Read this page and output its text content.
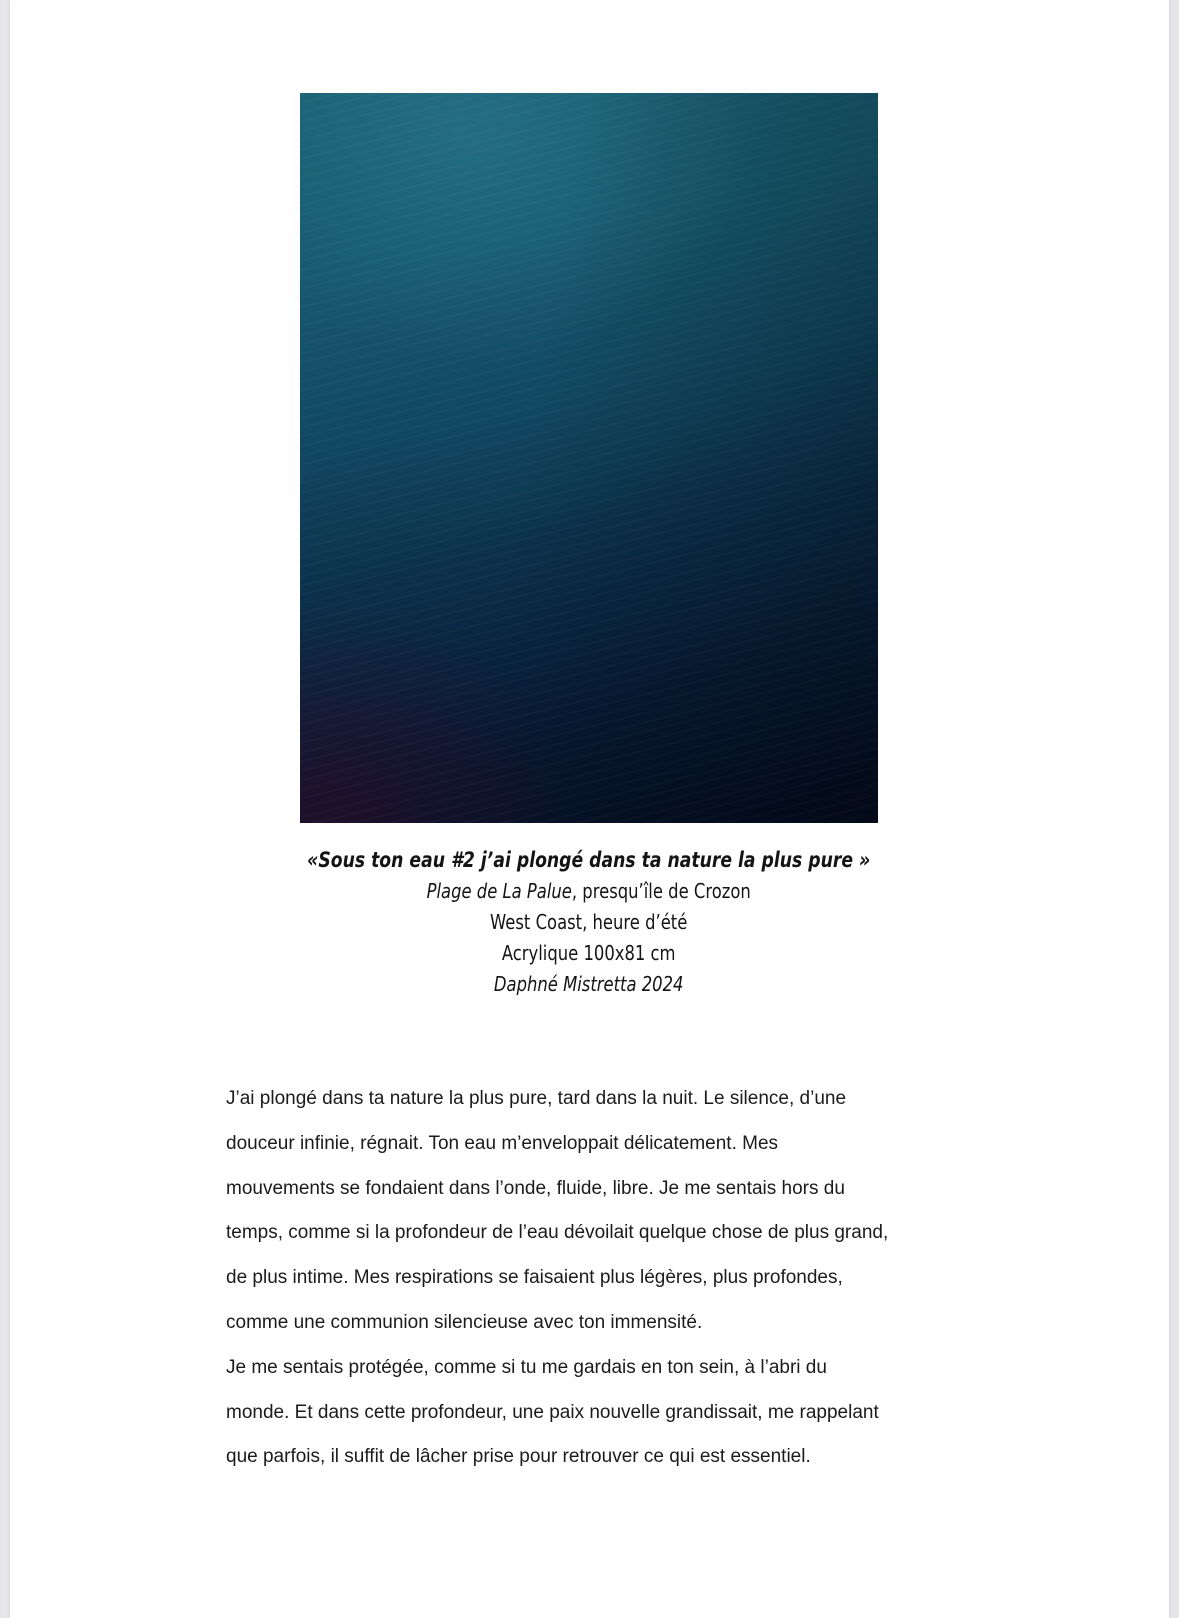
«Sous ton eau #2 j’ai plongé dans ta nature la plus pure »
Plage de La Palue, presqu’île de Crozon
West Coast, heure d’été
Acrylique 100x81 cm
Daphné Mistretta 2024
J’ai plongé dans ta nature la plus pure, tard dans la nuit. Le silence, d’une
douceur infinie, régnait. Ton eau m’enveloppait délicatement. Mes
mouvements se fondaient dans l’onde, fluide, libre. Je me sentais hors du
temps, comme si la profondeur de l’eau dévoilait quelque chose de plus grand,
de plus intime. Mes respirations se faisaient plus légères, plus profondes,
comme une communion silencieuse avec ton immensité.
Je me sentais protégée, comme si tu me gardais en ton sein, à l’abri du
monde. Et dans cette profondeur, une paix nouvelle grandissait, me rappelant
que parfois, il suffit de lâcher prise pour retrouver ce qui est essentiel.
